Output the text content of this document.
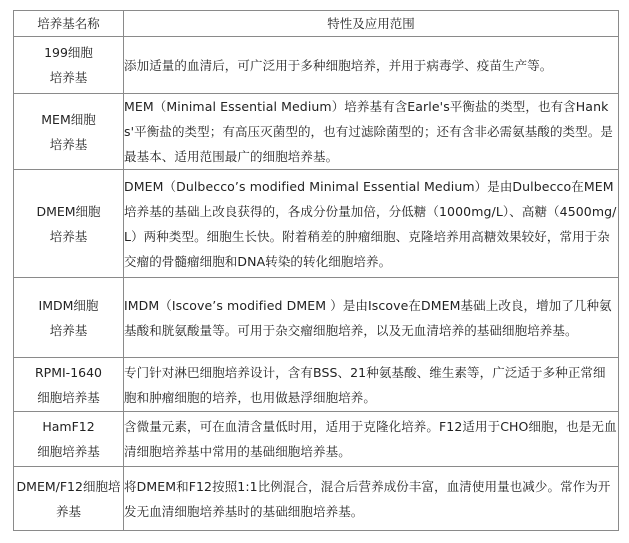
培养基名称	特性及应用范围
199细胞
培养基	添加适量的血清后，可广泛用于多种细胞培养，并用于病毒学、疫苗生产等。
MEM细胞
培养基	MEM（Minimal Essential Medium）培养基有含Earle's平衡盐的类型，也有含Hanks'平衡盐的类型；有高压灭菌型的，也有过滤除菌型的；还有含非必需氨基酸的类型。是最基本、适用范围最广的细胞培养基。
DMEM细胞
培养基	DMEM（Dulbecco’s modified Minimal Essential Medium）是由Dulbecco在MEM培养基的基础上改良获得的，各成分份量加倍，分低糖（1000mg/L）、高糖（4500mg/L）两种类型。细胞生长快。附着稍差的肿瘤细胞、克隆培养用高糖效果较好，常用于杂交瘤的骨髓瘤细胞和DNA转染的转化细胞培养。
IMDM细胞
培养基	IMDM（Iscove’s modified DMEM ）是由Iscove在DMEM基础上改良，增加了几种氨基酸和胱氨酸量等。可用于杂交瘤细胞培养，以及无血清培养的基础细胞培养基。
RPMI-1640
细胞培养基	专门针对淋巴细胞培养设计，含有BSS、21种氨基酸、维生素等，广泛适于多种正常细胞和肿瘤细胞的培养，也用做悬浮细胞培养。
HamF12
细胞培养基	含微量元素，可在血清含量低时用，适用于克隆化培养。F12适用于CHO细胞，也是无血清细胞培养基中常用的基础细胞培养基。
DMEM/F12细胞培
养基	将DMEM和F12按照1:1比例混合，混合后营养成份丰富，血清使用量也减少。常作为开发无血清细胞培养基时的基础细胞培养基。
